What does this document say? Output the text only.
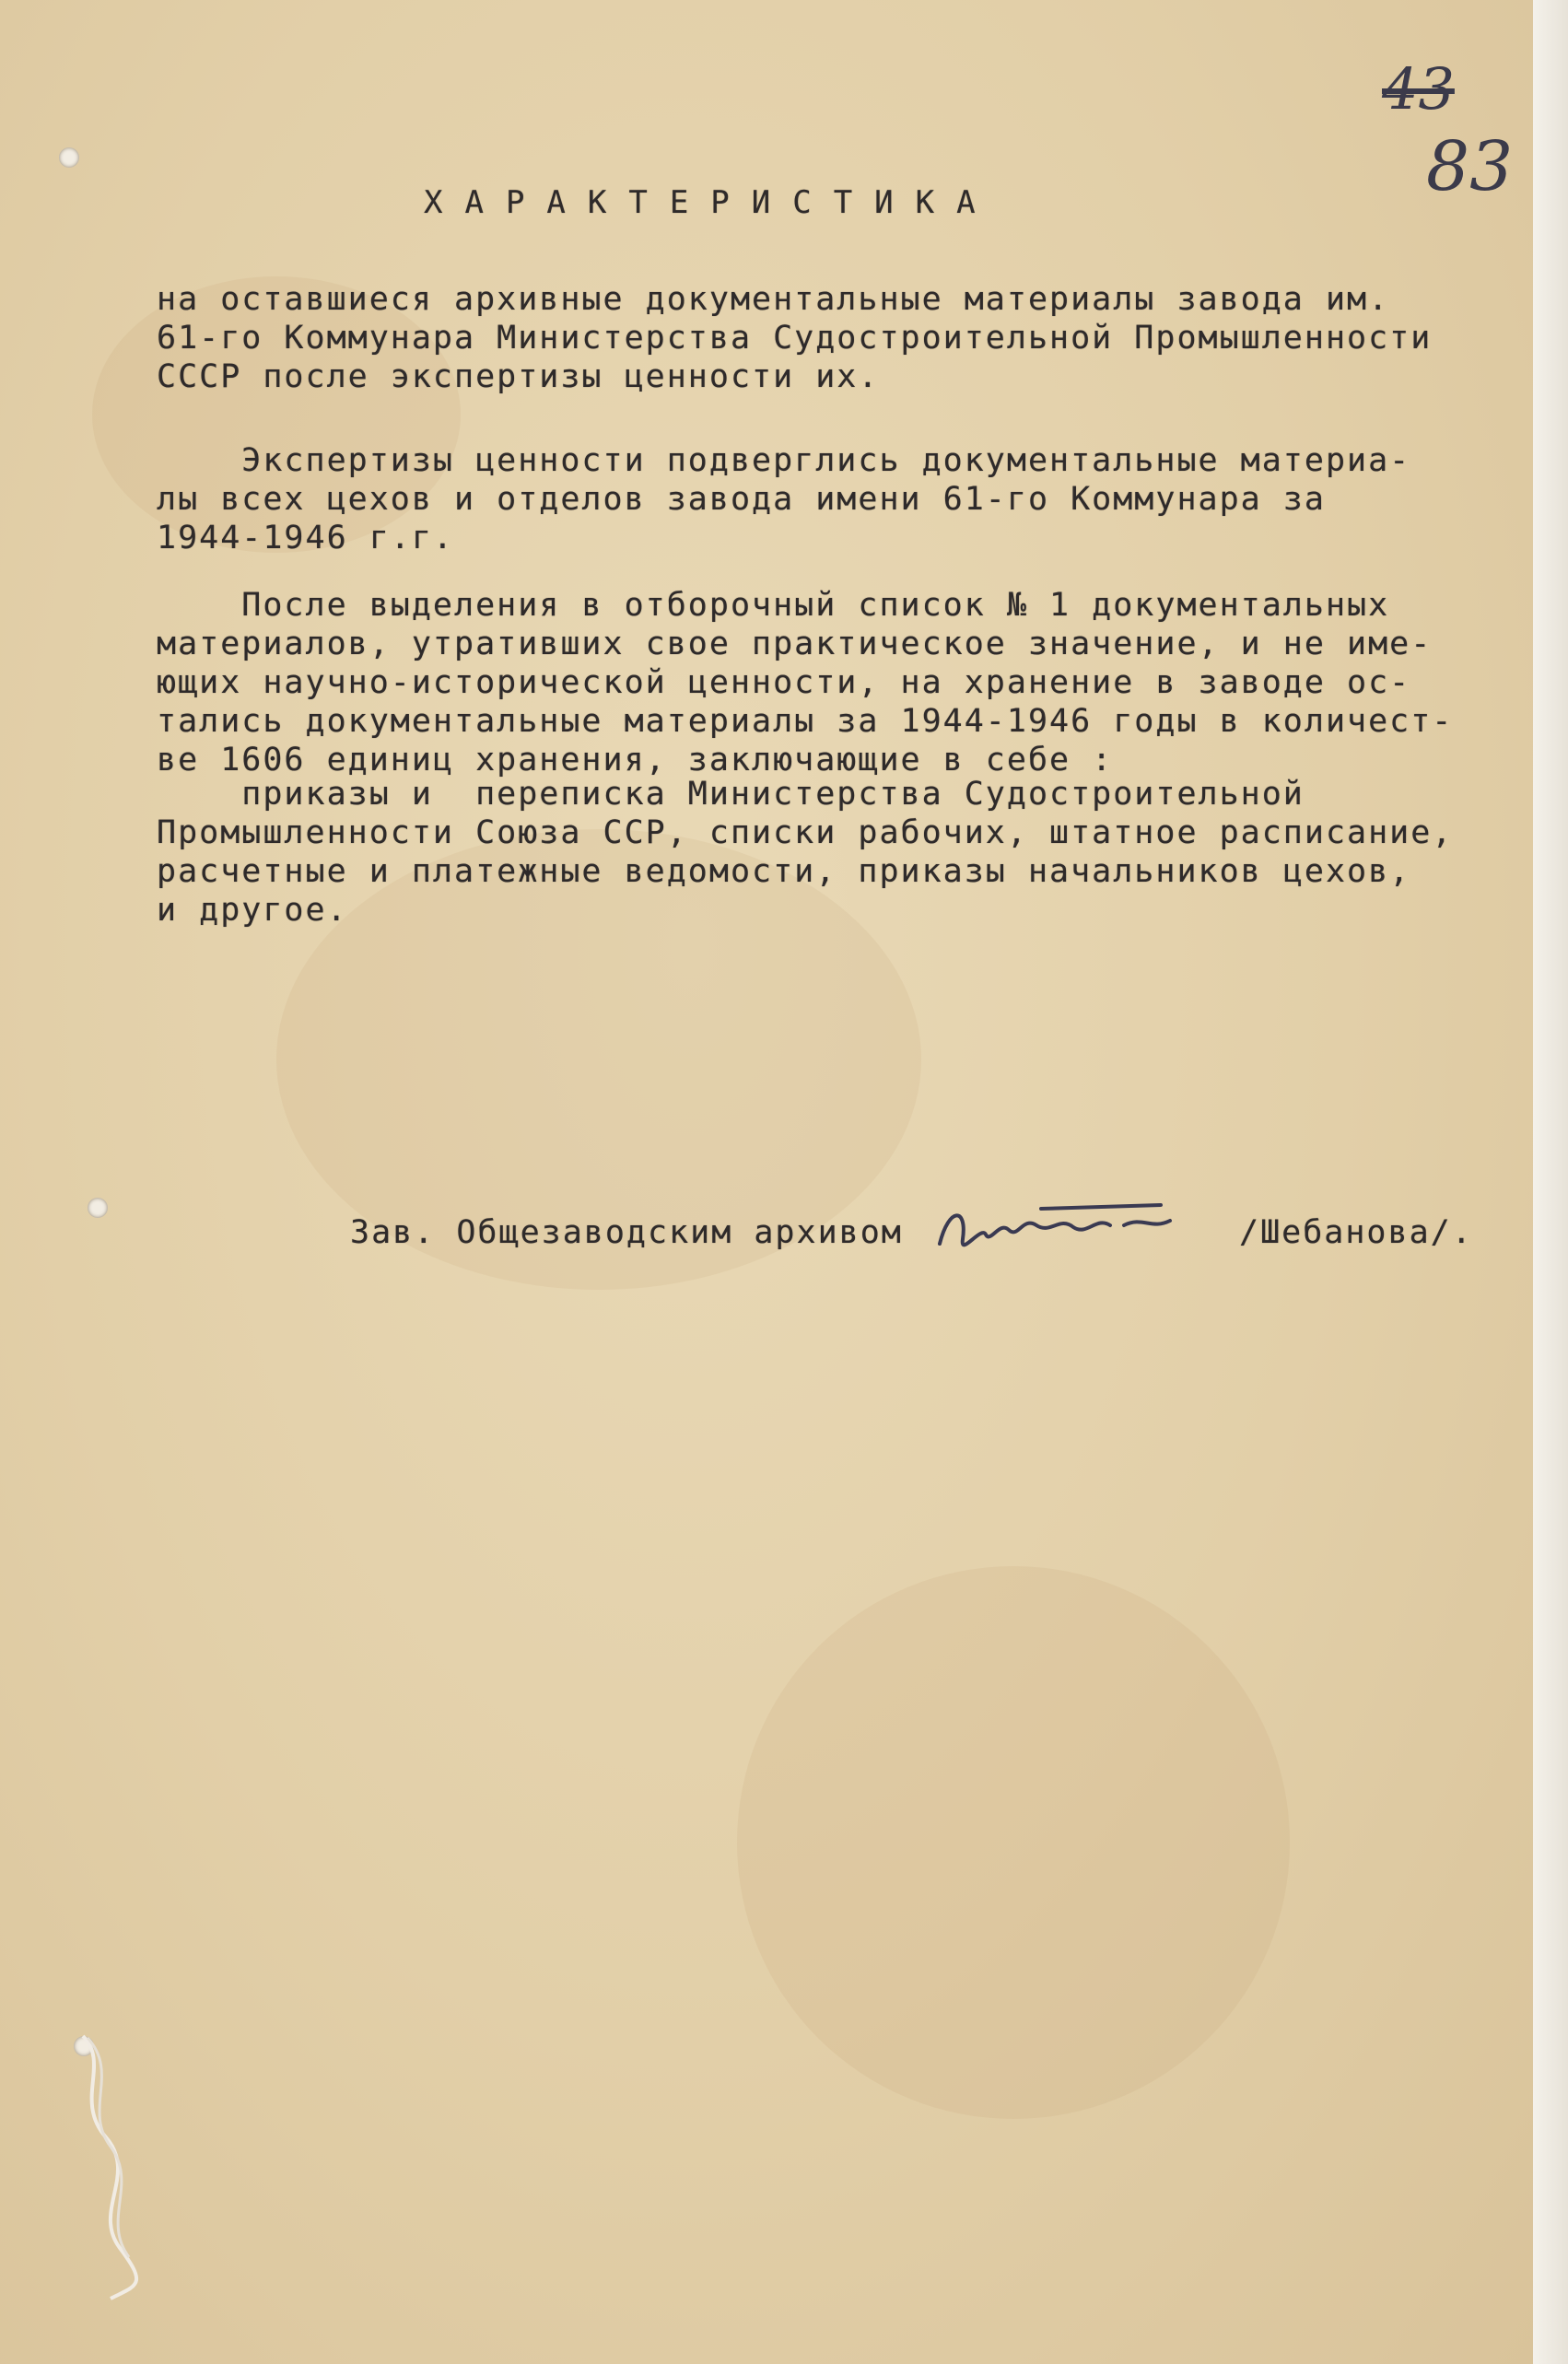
43

83

ХАРАКТЕРИСТИКА

на оставшиеся архивные документальные материалы завода им.

61-го Коммунара Министерства Судостроительной Промышленности

СССР после экспертизы ценности их.

Экспертизы ценности подверглись документальные материа-

лы всех цехов и отделов завода имени 61-го Коммунара за

1944-1946 г.г.

После выделения в отборочный список № 1 документальных

материалов, утративших свое практическое значение, и не име-

ющих научно-исторической ценности, на хранение в заводе ос-

тались документальные материалы за 1944-1946 годы в количест-

ве 1606 единиц хранения, заключающие в себе :

приказы и  переписка Министерства Судостроительной

Промышленности Союза ССР, списки рабочих, штатное расписание,

расчетные и платежные ведомости, приказы начальников цехов,

и другое.

Зав. Общезаводским архивом	/Шебанова/.
